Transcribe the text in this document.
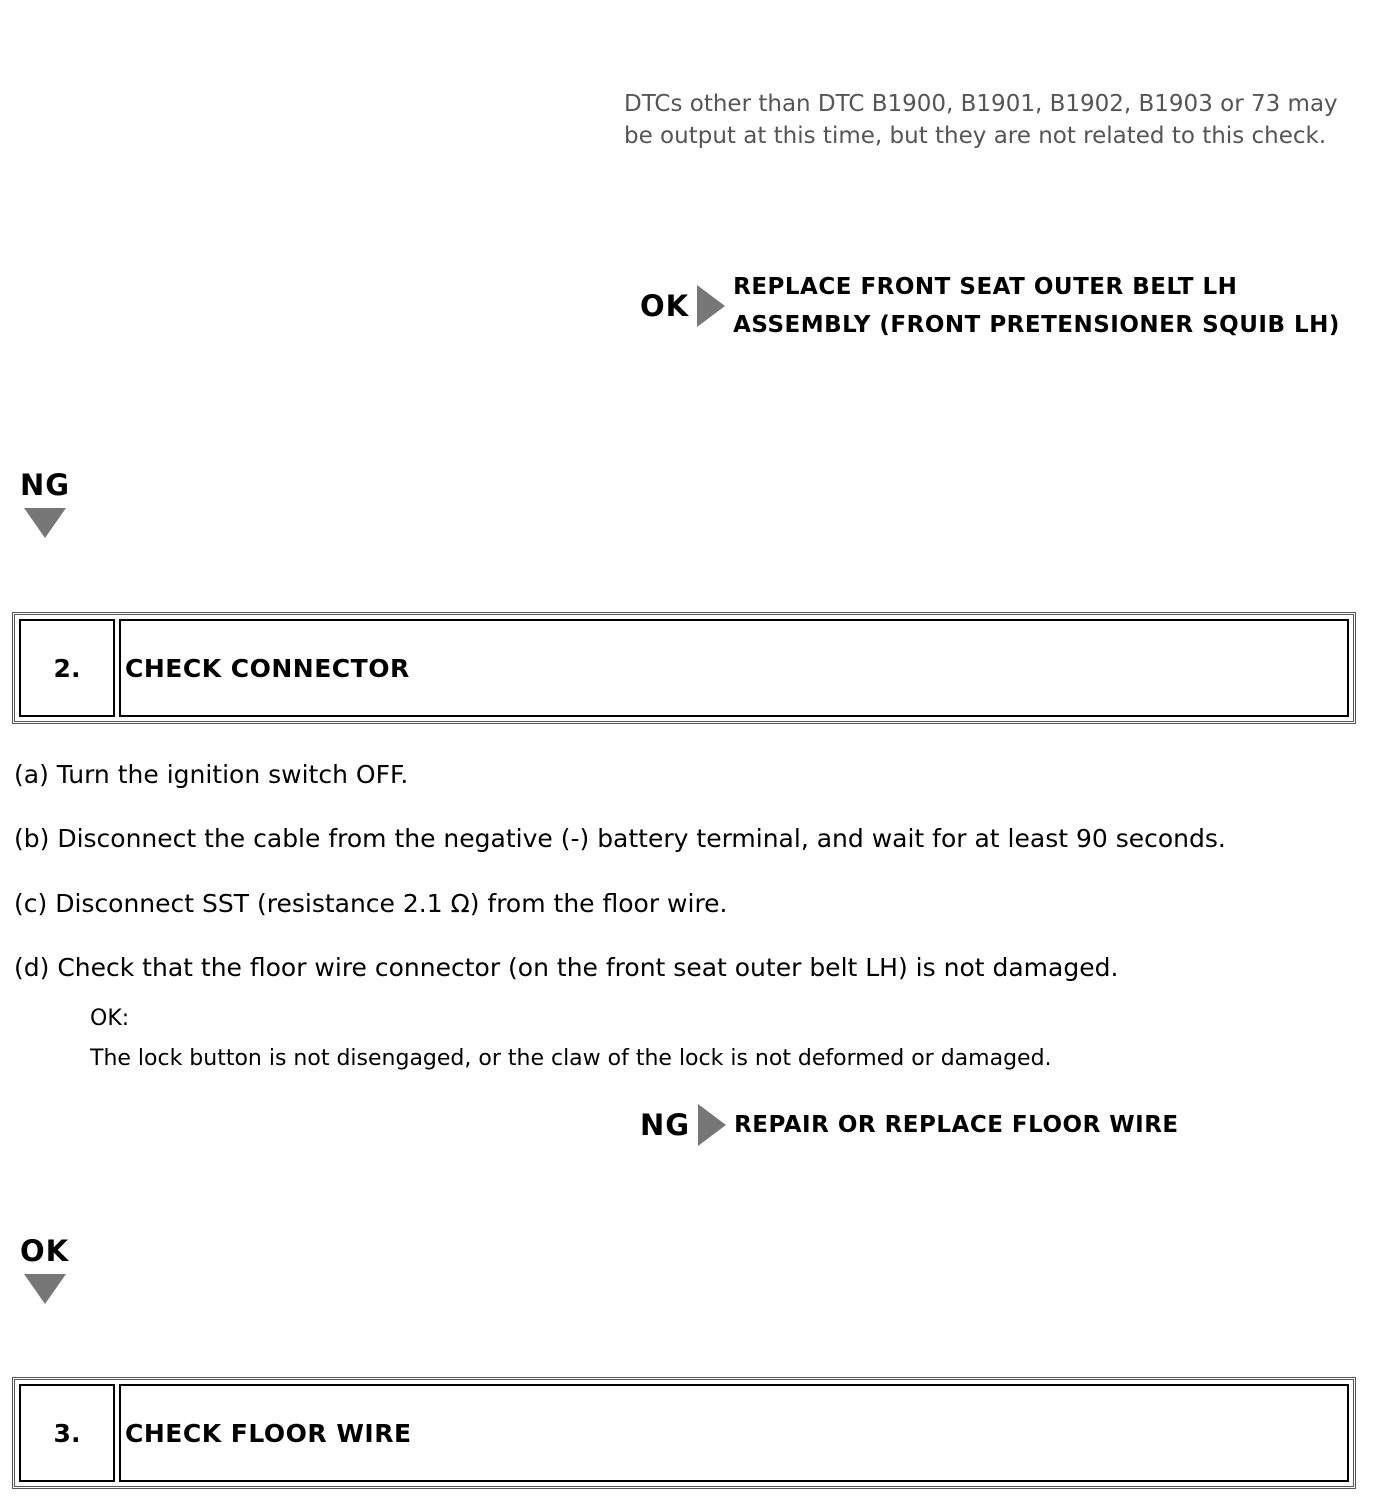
DTCs other than DTC B1900, B1901, B1902, B1903 or 73 may be output at this time, but they are not related to this check.
OK
REPLACE FRONT SEAT OUTER BELT LH ASSEMBLY (FRONT PRETENSIONER SQUIB LH)
NG
2.	CHECK CONNECTOR
(a) Turn the ignition switch OFF.
(b) Disconnect the cable from the negative (-) battery terminal, and wait for at least 90 seconds.
(c) Disconnect SST (resistance 2.1 Ω) from the floor wire.
(d) Check that the floor wire connector (on the front seat outer belt LH) is not damaged.
OK:
The lock button is not disengaged, or the claw of the lock is not deformed or damaged.
NG REPAIR OR REPLACE FLOOR WIRE
OK
3.	CHECK FLOOR WIRE
